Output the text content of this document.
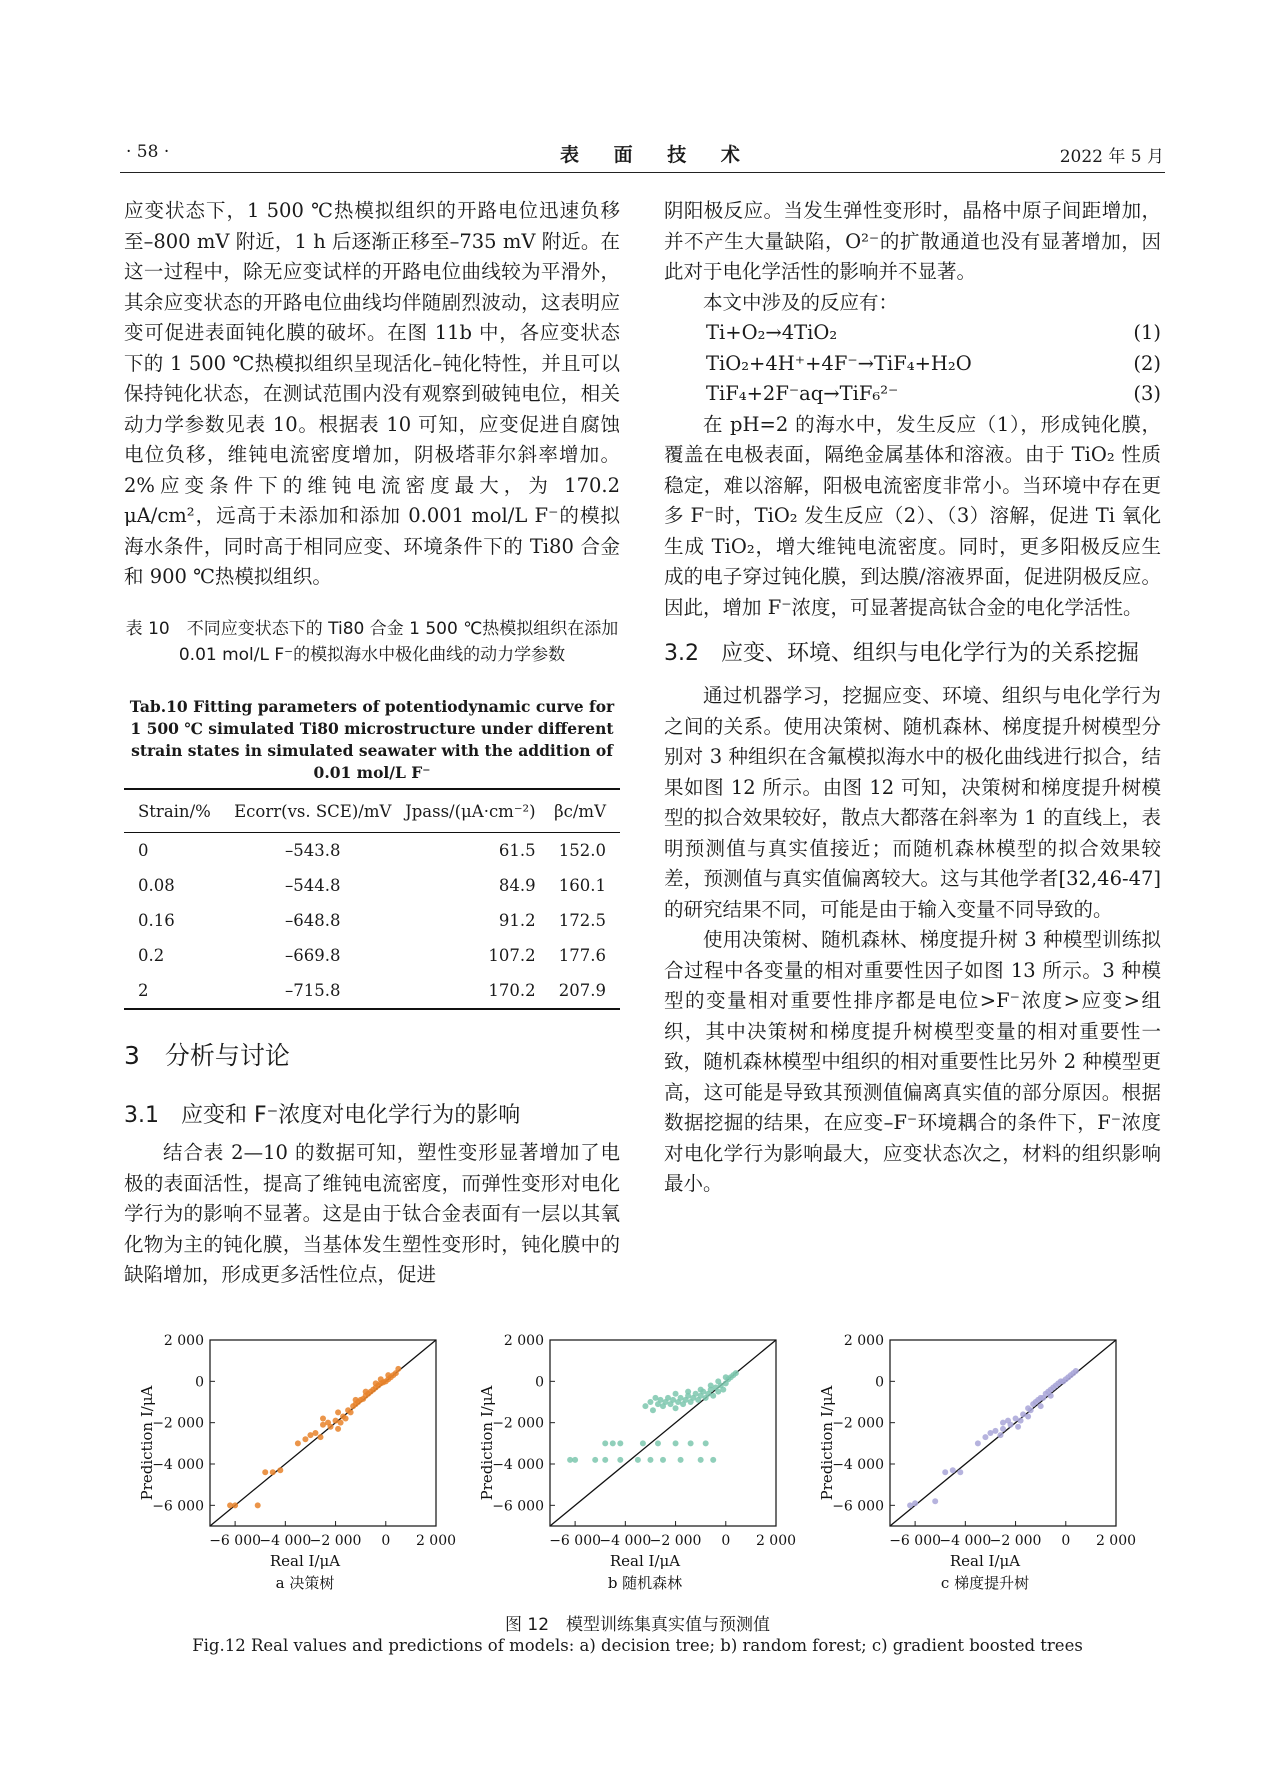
· 58 ·	表 面 技 术	2022 年 5 月

应变状态下，1 500 ℃热模拟组织的开路电位迅速负移至–800 mV 附近，1 h 后逐渐正移至–735 mV 附近。在这一过程中，除无应变试样的开路电位曲线较为平滑外，其余应变状态的开路电位曲线均伴随剧烈波动，这表明应变可促进表面钝化膜的破坏。在图 11b 中，各应变状态下的 1 500 ℃热模拟组织呈现活化–钝化特性，并且可以保持钝化状态，在测试范围内没有观察到破钝电位，相关动力学参数见表 10。根据表 10 可知，应变促进自腐蚀电位负移，维钝电流密度增加，阴极塔菲尔斜率增加。2%应变条件下的维钝电流密度最大，为 170.2 μA/cm²，远高于未添加和添加 0.001 mol/L F⁻的模拟海水条件，同时高于相同应变、环境条件下的 Ti80 合金和 900 ℃热模拟组织。

表 10　不同应变状态下的 Ti80 合金 1 500 ℃热模拟组织在添加 0.01 mol/L F⁻的模拟海水中极化曲线的动力学参数
Tab.10 Fitting parameters of potentiodynamic curve for 1 500 ℃ simulated Ti80 microstructure under different strain states in simulated seawater with the addition of 0.01 mol/L F⁻
Strain/%	Ecorr(vs. SCE)/mV	Jpass/(μA·cm⁻²)	βc/mV
0	–543.8	61.5	152.0
0.08	–544.8	84.9	160.1
0.16	–648.8	91.2	172.5
0.2	–669.8	107.2	177.6
2	–715.8	170.2	207.9
3　分析与讨论
3.1　应变和 F⁻浓度对电化学行为的影响

结合表 2—10 的数据可知，塑性变形显著增加了电极的表面活性，提高了维钝电流密度，而弹性变形对电化学行为的影响不显著。这是由于钛合金表面有一层以其氧化物为主的钝化膜，当基体发生塑性变形时，钝化膜中的缺陷增加，形成更多活性位点，促进

阴阳极反应。当发生弹性变形时，晶格中原子间距增加，并不产生大量缺陷，O²⁻的扩散通道也没有显著增加，因此对于电化学活性的影响并不显著。

本文中涉及的反应有：

Ti+O₂→4TiO₂	(1)
TiO₂+4H⁺+4F⁻→TiF₄+H₂O	(2)
TiF₄+2F⁻aq→TiF₆²⁻	(3)

在 pH=2 的海水中，发生反应（1），形成钝化膜，覆盖在电极表面，隔绝金属基体和溶液。由于 TiO₂ 性质稳定，难以溶解，阳极电流密度非常小。当环境中存在更多 F⁻时，TiO₂ 发生反应（2）、（3）溶解，促进 Ti 氧化生成 TiO₂，增大维钝电流密度。同时，更多阳极反应生成的电子穿过钝化膜，到达膜/溶液界面，促进阴极反应。因此，增加 F⁻浓度，可显著提高钛合金的电化学活性。

3.2　应变、环境、组织与电化学行为的关系挖掘

通过机器学习，挖掘应变、环境、组织与电化学行为之间的关系。使用决策树、随机森林、梯度提升树模型分别对 3 种组织在含氟模拟海水中的极化曲线进行拟合，结果如图 12 所示。由图 12 可知，决策树和梯度提升树模型的拟合效果较好，散点大都落在斜率为 1 的直线上，表明预测值与真实值接近；而随机森林模型的拟合效果较差，预测值与真实值偏离较大。这与其他学者[32,46-47]的研究结果不同，可能是由于输入变量不同导致的。

使用决策树、随机森林、梯度提升树 3 种模型训练拟合过程中各变量的相对重要性因子如图 13 所示。3 种模型的变量相对重要性排序都是电位>F⁻浓度>应变>组织，其中决策树和梯度提升树模型变量的相对重要性一致，随机森林模型中组织的相对重要性比另外 2 种模型更高，这可能是导致其预测值偏离真实值的部分原因。根据数据挖掘的结果，在应变–F⁻环境耦合的条件下，F⁻浓度对电化学行为影响最大，应变状态次之，材料的组织影响最小。

−6 000
−4 000
−2 000 0 2 000
2 000
0
−2 000
−4 000
−6 000
Real I/μA
Prediction I/μA
a 决策树
−6 000
−4 000
−2 000 0 2 000
2 000
0
−2 000
−4 000
−6 000
Real I/μA
Prediction I/μA
b 随机森林
−6 000
−4 000
−2 000 0 2 000
2 000
0
−2 000
−4 000
−6 000
Real I/μA
Prediction I/μA
c 梯度提升树
图 12　模型训练集真实值与预测值
Fig.12 Real values and predictions of models: a) decision tree; b) random forest; c) gradient boosted trees
